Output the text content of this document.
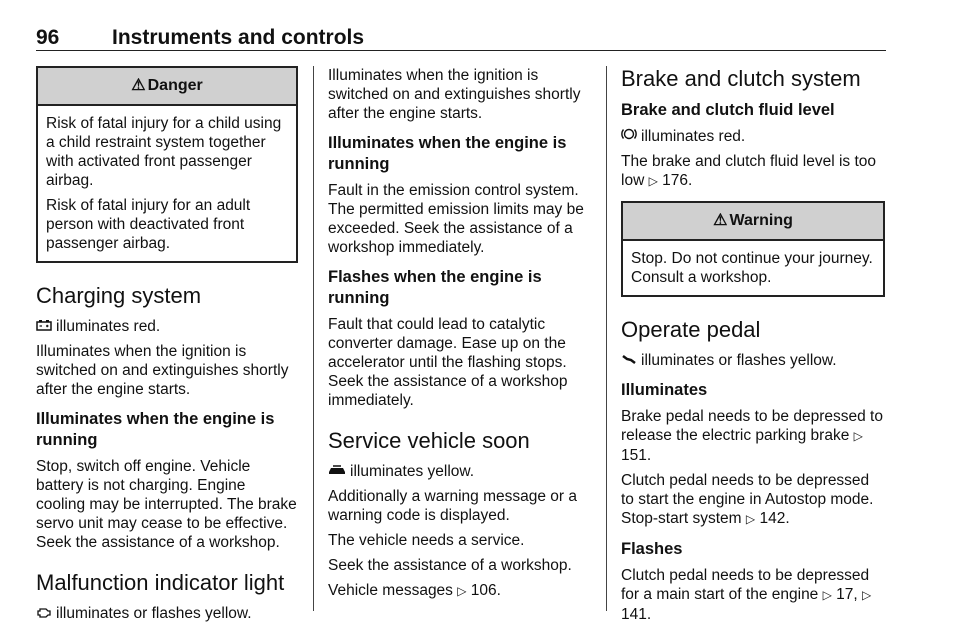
96	Instruments and controls
⚠ Danger

Risk of fatal injury for a child using a child restraint system together with activated front passenger airbag.

Risk of fatal injury for an adult person with deactivated front passenger airbag.

Charging system

illuminates red.

Illuminates when the ignition is switched on and extinguishes shortly after the engine starts.

Illuminates when the engine is running

Stop, switch off engine. Vehicle battery is not charging. Engine cooling may be interrupted. The brake servo unit may cease to be effective. Seek the assistance of a workshop.

Malfunction indicator light

illuminates or flashes yellow.

Illuminates when the ignition is switched on and extinguishes shortly after the engine starts.

Illuminates when the engine is running

Fault in the emission control system. The permitted emission limits may be exceeded. Seek the assistance of a workshop immediately.

Flashes when the engine is running

Fault that could lead to catalytic converter damage. Ease up on the accelerator until the flashing stops. Seek the assistance of a workshop immediately.

Service vehicle soon

illuminates yellow.

Additionally a warning message or a warning code is displayed.

The vehicle needs a service.

Seek the assistance of a workshop.

Vehicle messages ▷ 106.

Brake and clutch system
Brake and clutch fluid level

illuminates red.

The brake and clutch fluid level is too low ▷ 176.

⚠ Warning

Stop. Do not continue your journey. Consult a workshop.

Operate pedal

illuminates or flashes yellow.

Illuminates

Brake pedal needs to be depressed to release the electric parking brake ▷ 151.

Clutch pedal needs to be depressed to start the engine in Autostop mode. Stop-start system ▷ 142.

Flashes

Clutch pedal needs to be depressed for a main start of the engine ▷ 17, ▷ 141.
